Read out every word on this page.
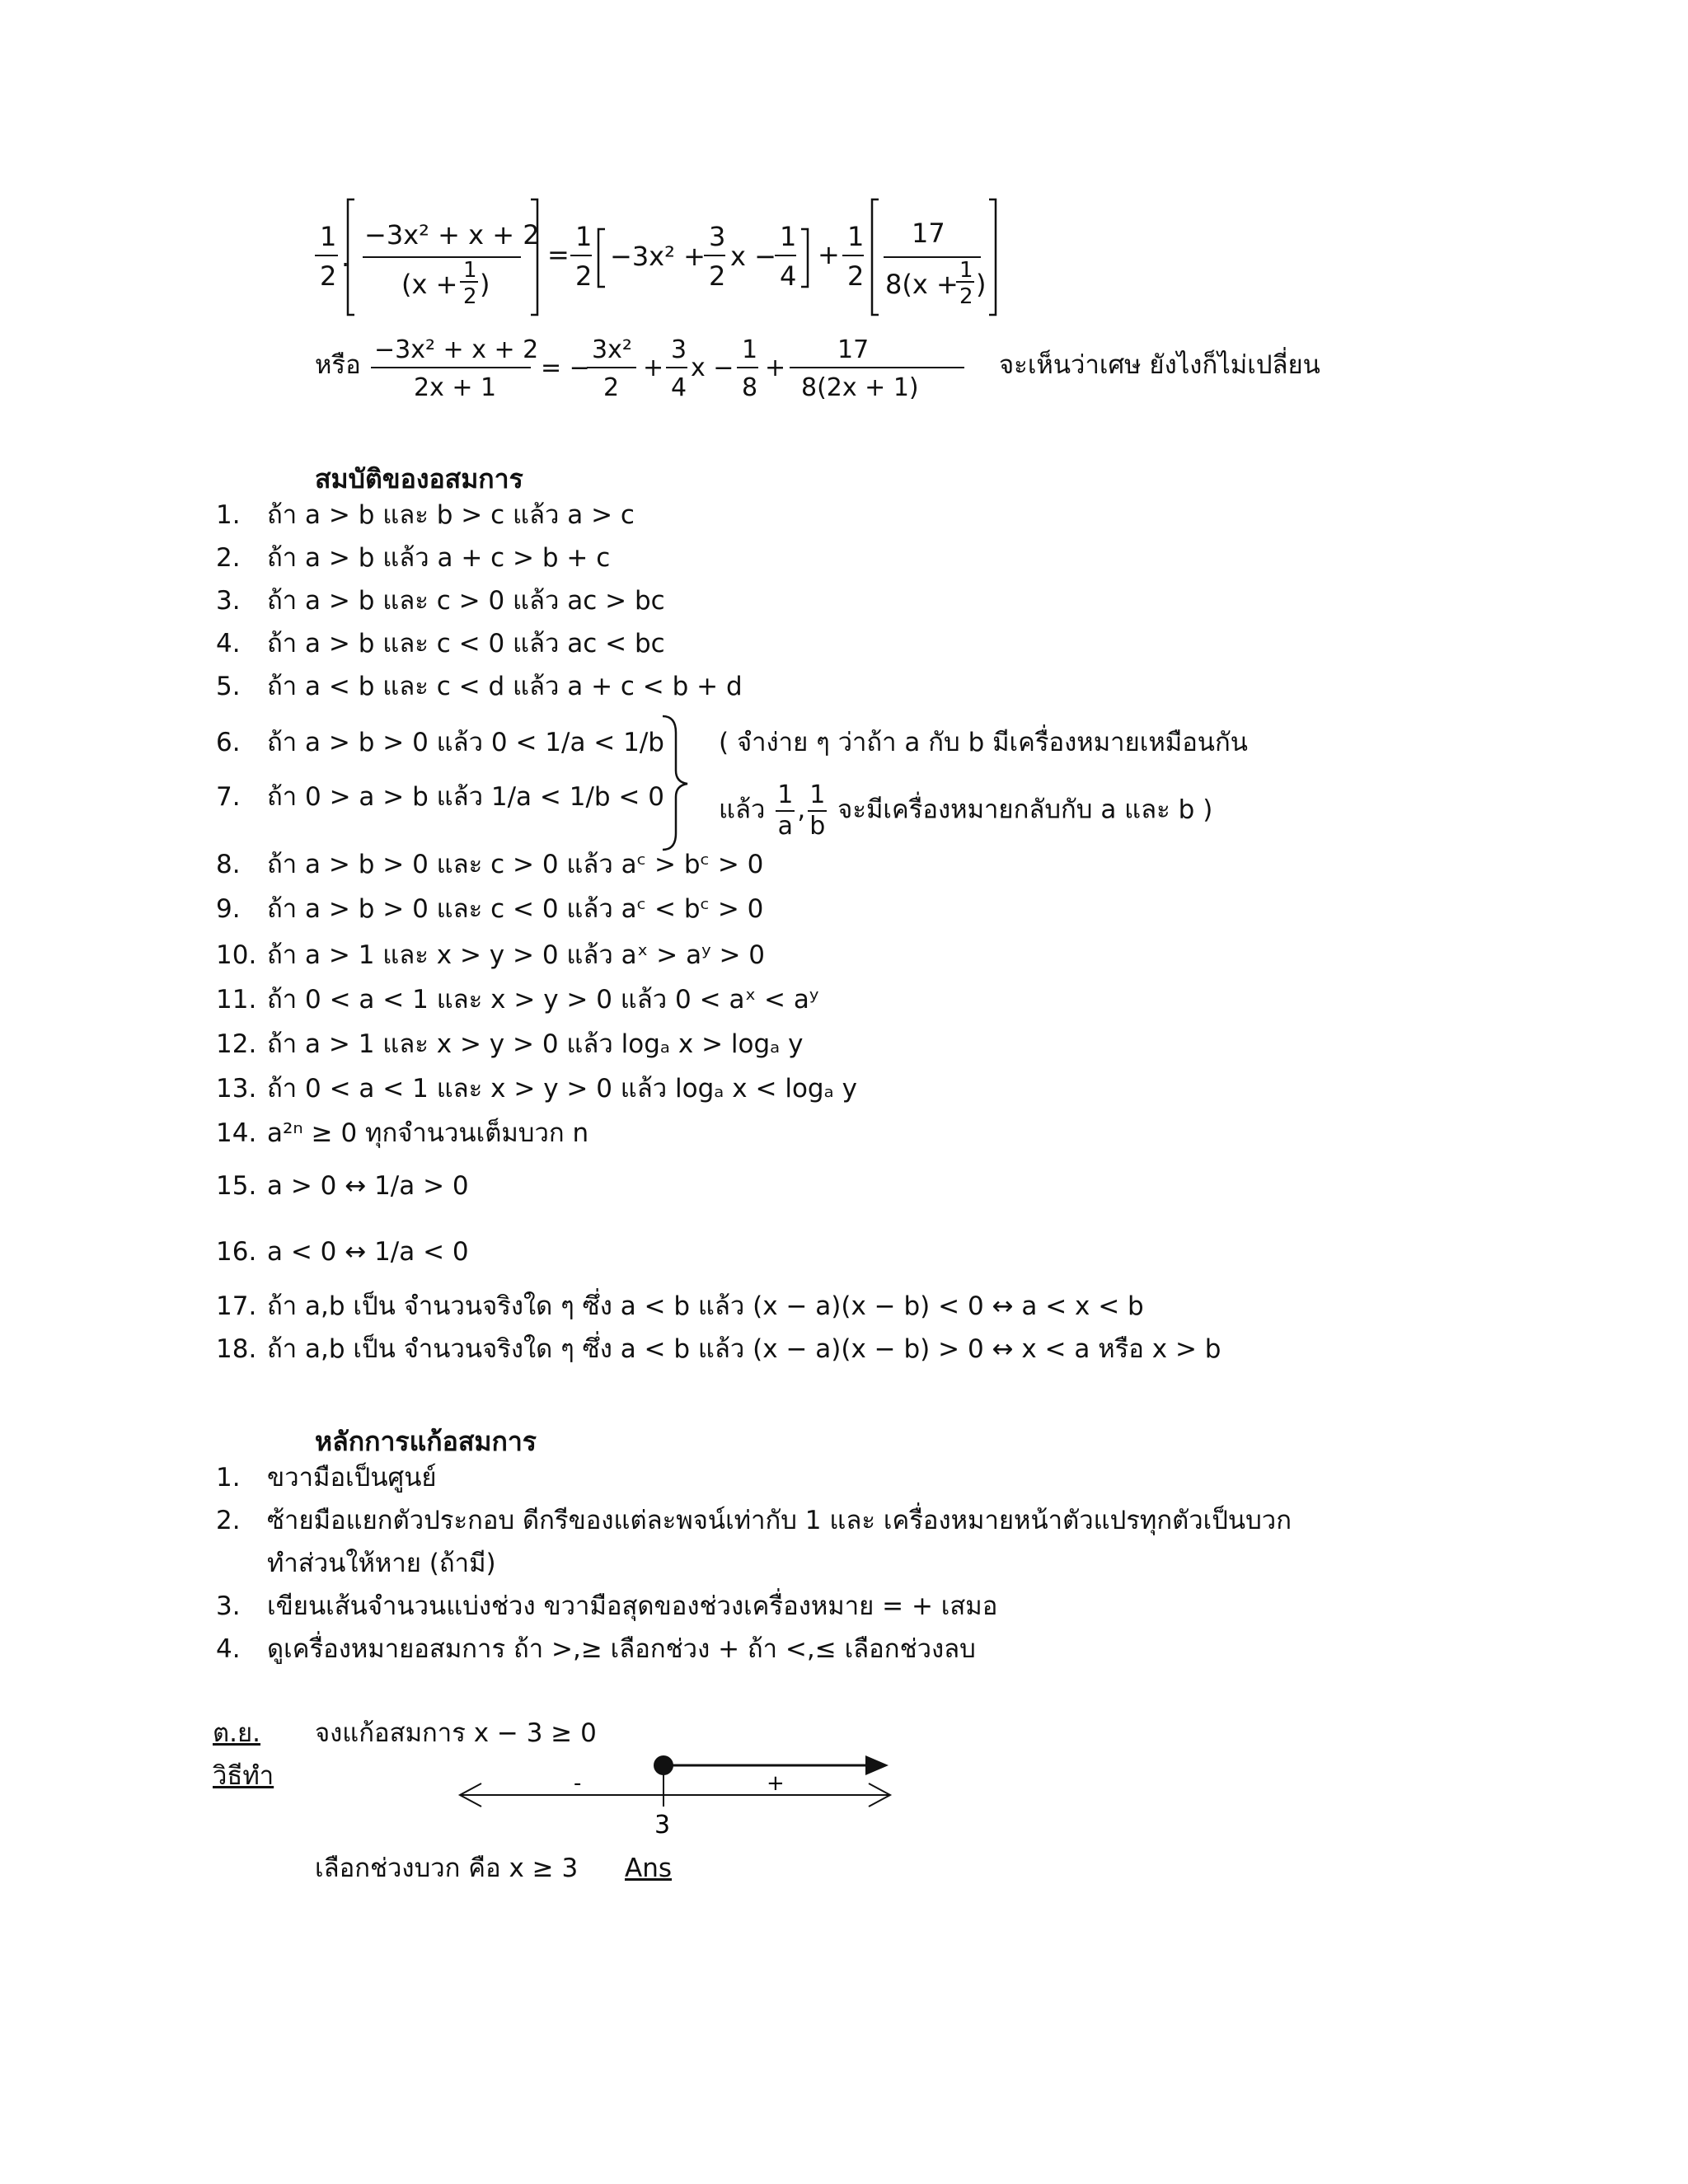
1
2
.
−3x² + x + 2
(x + 1
2 )
=
1
2
−3x² +
3
2
x −
1
4
+
1
2
17
8(x + 1
2 )
หรือ
−3x² + x + 2
2x + 1
= −
3x²
2
+
3
4
x −
1
8
+
17
8(2x + 1)
จะเห็นว่าเศษ ยังไงก็ไม่เปลี่ยน
สมบัติของอสมการ
1. ถ้า a > b และ b > c แล้ว a > c
2. ถ้า a > b แล้ว a + c > b + c
3. ถ้า a > b และ c > 0 แล้ว ac > bc
4. ถ้า a > b และ c < 0 แล้ว ac < bc
5. ถ้า a < b และ c < d แล้ว a + c < b + d
6. ถ้า a > b > 0 แล้ว 0 < 1/a < 1/b
7. ถ้า 0 > a > b แล้ว 1/a < 1/b < 0
8. ถ้า a > b > 0 และ c > 0 แล้ว aᶜ > bᶜ > 0
9. ถ้า a > b > 0 และ c < 0 แล้ว aᶜ < bᶜ > 0
10. ถ้า a > 1 และ x > y > 0 แล้ว aˣ > aʸ > 0
11. ถ้า 0 < a < 1 และ x > y > 0 แล้ว 0 < aˣ < aʸ
12. ถ้า a > 1 และ x > y > 0 แล้ว logₐ x > logₐ y
13. ถ้า 0 < a < 1 และ x > y > 0 แล้ว logₐ x < logₐ y
14. a²ⁿ ≥ 0 ทุกจำนวนเต็มบวก n
15. a > 0 ↔ 1/a > 0
16. a < 0 ↔ 1/a < 0
17. ถ้า a,b เป็น จำนวนจริงใด ๆ ซึ่ง a < b แล้ว (x − a)(x − b) < 0 ↔ a < x < b
18. ถ้า a,b เป็น จำนวนจริงใด ๆ ซึ่ง a < b แล้ว (x − a)(x − b) > 0 ↔ x < a หรือ x > b
( จำง่าย ๆ ว่าถ้า a กับ b มีเครื่องหมายเหมือนกัน
แล้ว $\frac{1}{a}$ , $\frac{1}{b}$ จะมีเครื่องหมายกลับกับ a และ b )
หลักการแก้อสมการ
1. ขวามือเป็นศูนย์
2. ซ้ายมือแยกตัวประกอบ ดีกรีของแต่ละพจน์เท่ากับ 1 และ เครื่องหมายหน้าตัวแปรทุกตัวเป็นบวก
ทำส่วนให้หาย (ถ้ามี)
3. เขียนเส้นจำนวนแบ่งช่วง ขวามือสุดของช่วงเครื่องหมาย = + เสมอ
4. ดูเครื่องหมายอสมการ ถ้า >,≥ เลือกช่วง + ถ้า <,≤ เลือกช่วงลบ
ต.ย. จงแก้อสมการ x − 3 ≥ 0
วิธีทำ	-	+
3
เลือกช่วงบวก คือ x ≥ 3 Ans
